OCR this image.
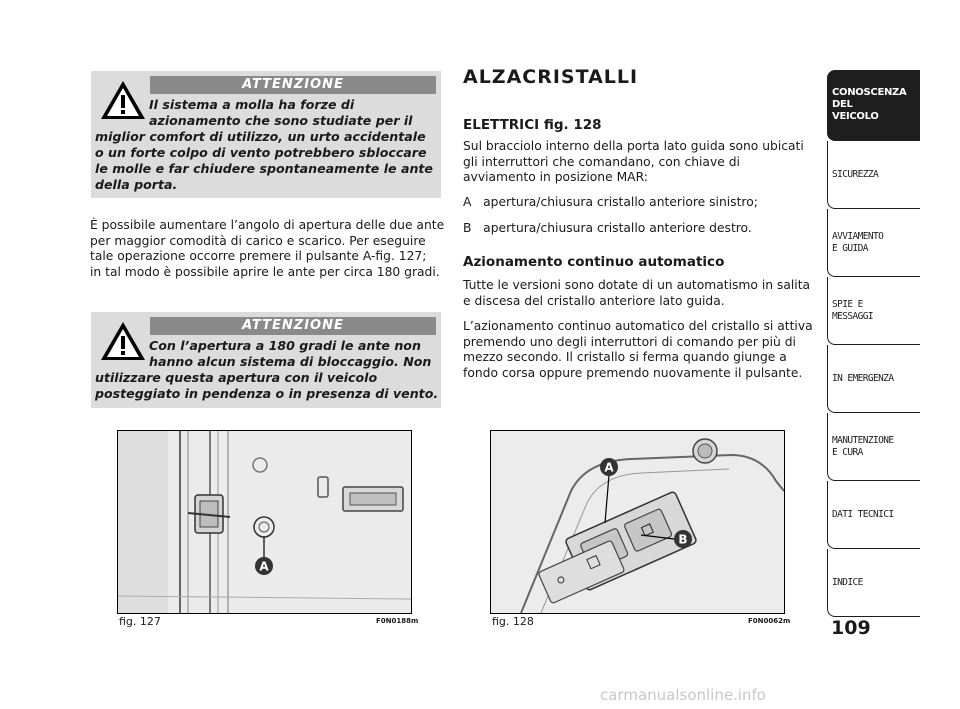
ATTENZIONE

Il sistema a molla ha forze di

azionamento che sono studiate per il

miglior comfort di utilizzo, un urto accidentale

o un forte colpo di vento potrebbero sbloccare

le molle e far chiudere spontaneamente le ante

della porta.

È possibile aumentare l’angolo di apertura delle due ante

per maggior comodità di carico e scarico. Per eseguire

tale operazione occorre premere il pulsante A-fig. 127;

in tal modo è possibile aprire le ante per circa 180 gradi.

ATTENZIONE

Con l’apertura a 180 gradi le ante non

hanno alcun sistema di bloccaggio. Non

utilizzare questa apertura con il veicolo

posteggiato in pendenza o in presenza di vento.

ALZACRISTALLI
ELETTRICI fig. 128

Sul bracciolo interno della porta lato guida sono ubicati

gli interruttori che comandano, con chiave di

avviamento in posizione MAR:

A   apertura/chiusura cristallo anteriore sinistro;
B   apertura/chiusura cristallo anteriore destro.
Azionamento continuo automatico

Tutte le versioni sono dotate di un automatismo in salita

e discesa del cristallo anteriore lato guida.

L’azionamento continuo automatico del cristallo si attiva

premendo uno degli interruttori di comando per più di

mezzo secondo. Il cristallo si ferma quando giunge a

fondo corsa oppure premendo nuovamente il pulsante.

A
fig. 127	F0N0188m
A
B
fig. 128	F0N0062m
CONOSCENZA
DEL
VEICOLO
SICUREZZA
AVVIAMENTO
E GUIDA
SPIE E
MESSAGGI
IN EMERGENZA
MANUTENZIONE
E CURA
DATI TECNICI
INDICE
109
carmanualsonline.info
